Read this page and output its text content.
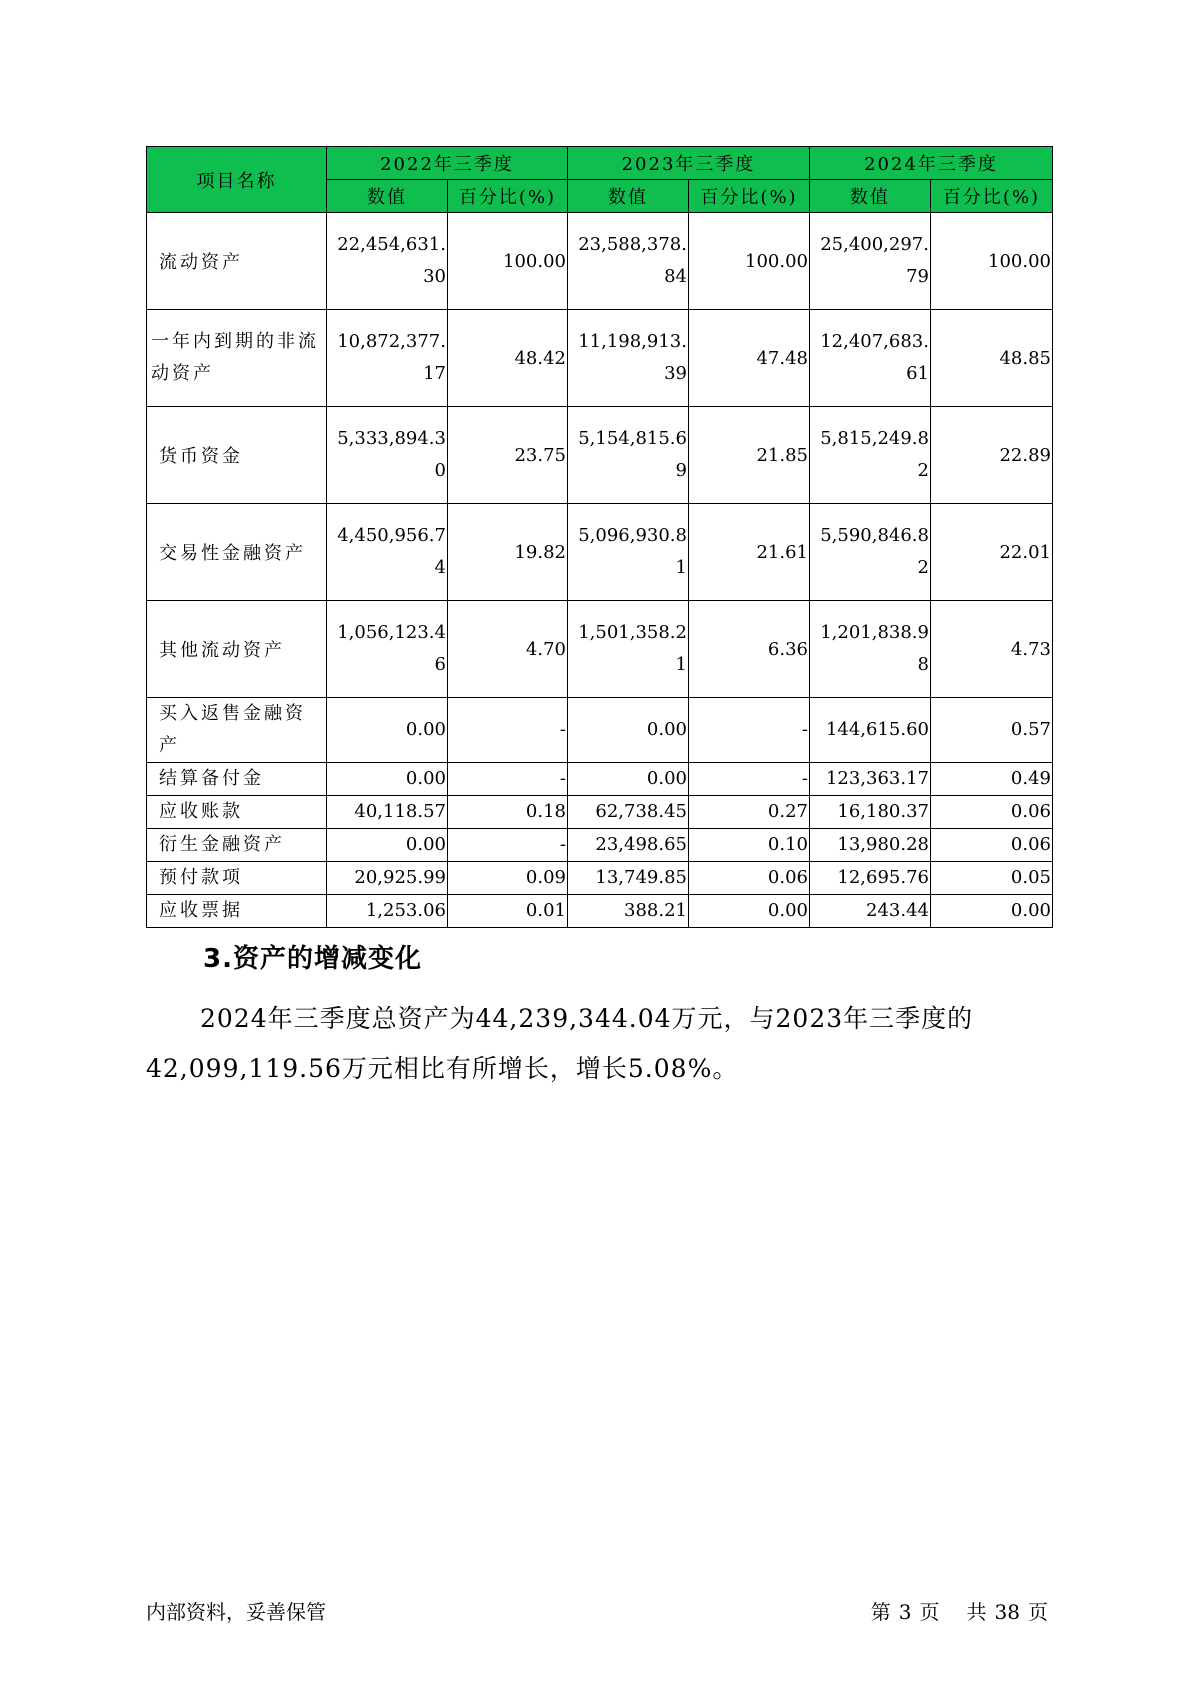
项目名称	2022年三季度		2023年三季度		2024年三季度	
	数值	百分比(%)	数值	百分比(%)	数值	百分比(%)
流动资产	22,454,631.30	100.00	23,588,378.84	100.00	25,400,297.79	100.00
一年内到期的非流动资产	10,872,377.17	48.42	11,198,913.39	47.48	12,407,683.61	48.85
货币资金	5,333,894.30	23.75	5,154,815.69	21.85	5,815,249.82	22.89
交易性金融资产	4,450,956.74	19.82	5,096,930.81	21.61	5,590,846.82	22.01
其他流动资产	1,056,123.46	4.70	1,501,358.21	6.36	1,201,838.98	4.73
买入返售金融资产	0.00	-	0.00	-	144,615.60	0.57
结算备付金	0.00	-	0.00	-	123,363.17	0.49
应收账款	40,118.57	0.18	62,738.45	0.27	16,180.37	0.06
衍生金融资产	0.00	-	23,498.65	0.10	13,980.28	0.06
预付款项	20,925.99	0.09	13,749.85	0.06	12,695.76	0.05
应收票据	1,253.06	0.01	388.21	0.00	243.44	0.00
3.资产的增减变化

2024年三季度总资产为44,239,344.04万元，与2023年三季度的42,099,119.56万元相比有所增长，增长5.08%。

内部资料，妥善保管	第 3 页 共 38 页
